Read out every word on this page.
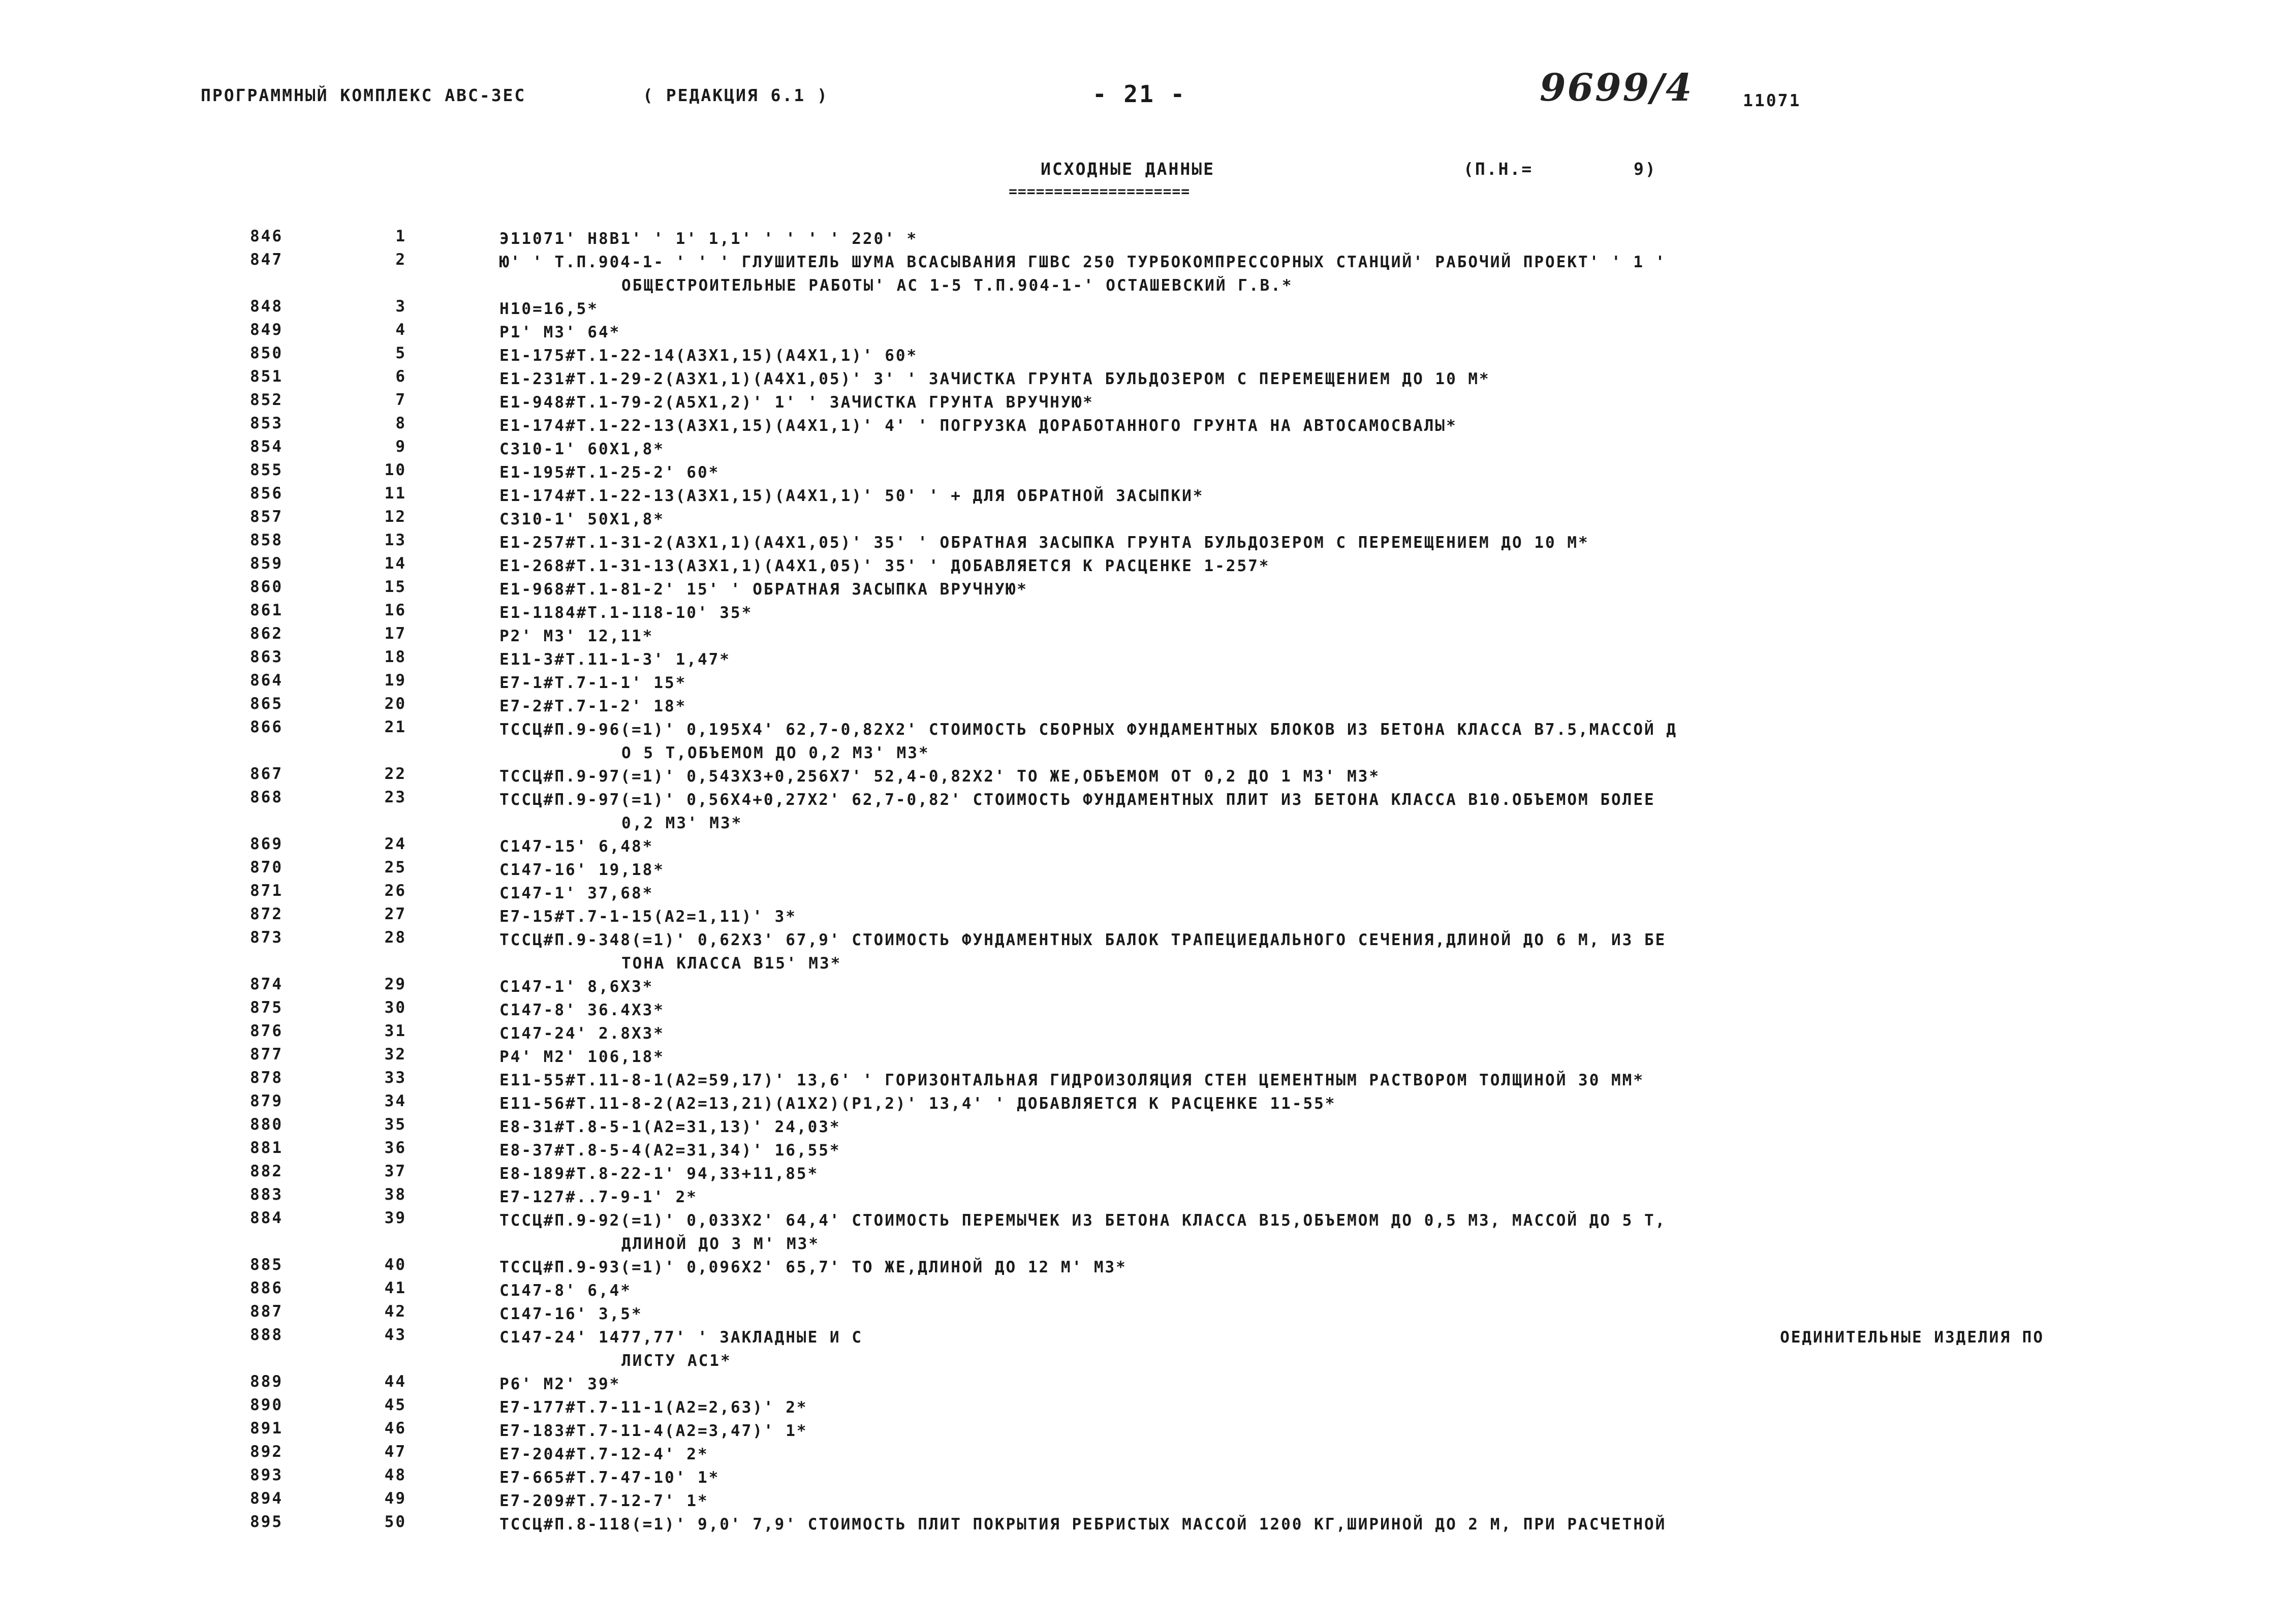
ПРОГРАММНЫЙ КОМПЛЕКС АВС-ЗЕС	( РЕДАКЦИЯ 6.1 )	- 21 -	9699/4	11071
ИСХОДНЫЕ ДАННЫЕ
====================
(П.Н.=	9)
846	1	Э11071' Н8В1' ' 1' 1,1' ' ' ' ' 220' *
847	2	Ю' ' Т.П.904-1- ' ' ' ГЛУШИТЕЛЬ ШУМА ВСАСЫВАНИЯ ГШВС 250 ТУРБОКОМПРЕССОРНЫХ СТАНЦИЙ' РАБОЧИЙ ПРОЕКТ' ' 1 '
ОБЩЕСТРОИТЕЛЬНЫЕ РАБОТЫ' АС 1-5 Т.П.904-1-' ОСТАШЕВСКИЙ Г.В.*
848	3	Н10=16,5*
849	4	Р1' М3' 64*
850	5	Е1-175#Т.1-22-14(А3Х1,15)(А4Х1,1)' 60*
851	6	Е1-231#Т.1-29-2(А3Х1,1)(А4Х1,05)' 3' ' ЗАЧИСТКА ГРУНТА БУЛЬДОЗЕРОМ С ПЕРЕМЕЩЕНИЕМ ДО 10 М*
852	7	Е1-948#Т.1-79-2(А5Х1,2)' 1' ' ЗАЧИСТКА ГРУНТА ВРУЧНУЮ*
853	8	Е1-174#Т.1-22-13(А3Х1,15)(А4Х1,1)' 4' ' ПОГРУЗКА ДОРАБОТАННОГО ГРУНТА НА АВТОСАМОСВАЛЫ*
854	9	С310-1' 60Х1,8*
855	10	Е1-195#Т.1-25-2' 60*
856	11	Е1-174#Т.1-22-13(А3Х1,15)(А4Х1,1)' 50' ' + ДЛЯ ОБРАТНОЙ ЗАСЫПКИ*
857	12	С310-1' 50Х1,8*
858	13	Е1-257#Т.1-31-2(А3Х1,1)(А4Х1,05)' 35' ' ОБРАТНАЯ ЗАСЫПКА ГРУНТА БУЛЬДОЗЕРОМ С ПЕРЕМЕЩЕНИЕМ ДО 10 М*
859	14	Е1-268#Т.1-31-13(А3Х1,1)(А4Х1,05)' 35' ' ДОБАВЛЯЕТСЯ К РАСЦЕНКЕ 1-257*
860	15	Е1-968#Т.1-81-2' 15' ' ОБРАТНАЯ ЗАСЫПКА ВРУЧНУЮ*
861	16	Е1-1184#Т.1-118-10' 35*
862	17	Р2' М3' 12,11*
863	18	Е11-3#Т.11-1-3' 1,47*
864	19	Е7-1#Т.7-1-1' 15*
865	20	Е7-2#Т.7-1-2' 18*
866	21	ТССЦ#П.9-96(=1)' 0,195Х4' 62,7-0,82Х2' СТОИМОСТЬ СБОРНЫХ ФУНДАМЕНТНЫХ БЛОКОВ ИЗ БЕТОНА КЛАССА В7.5,МАССОЙ Д
О 5 Т,ОБЪЕМОМ ДО 0,2 М3' М3*
867	22	ТССЦ#П.9-97(=1)' 0,543Х3+0,256Х7' 52,4-0,82Х2' ТО ЖЕ,ОБЪЕМОМ ОТ 0,2 ДО 1 М3' М3*
868	23	ТССЦ#П.9-97(=1)' 0,56Х4+0,27Х2' 62,7-0,82' СТОИМОСТЬ ФУНДАМЕНТНЫХ ПЛИТ ИЗ БЕТОНА КЛАССА В10.ОБЪЕМОМ БОЛЕЕ
0,2 М3' М3*
869	24	С147-15' 6,48*
870	25	С147-16' 19,18*
871	26	С147-1' 37,68*
872	27	Е7-15#Т.7-1-15(А2=1,11)' 3*
873	28	ТССЦ#П.9-348(=1)' 0,62Х3' 67,9' СТОИМОСТЬ ФУНДАМЕНТНЫХ БАЛОК ТРАПЕЦИЕДАЛЬНОГО СЕЧЕНИЯ,ДЛИНОЙ ДО 6 М, ИЗ БЕ
ТОНА КЛАССА В15' М3*
874	29	С147-1' 8,6Х3*
875	30	С147-8' 36.4Х3*
876	31	С147-24' 2.8Х3*
877	32	Р4' М2' 106,18*
878	33	Е11-55#Т.11-8-1(А2=59,17)' 13,6' ' ГОРИЗОНТАЛЬНАЯ ГИДРОИЗОЛЯЦИЯ СТЕН ЦЕМЕНТНЫМ РАСТВОРОМ ТОЛЩИНОЙ 30 ММ*
879	34	Е11-56#Т.11-8-2(А2=13,21)(А1Х2)(Р1,2)' 13,4' ' ДОБАВЛЯЕТСЯ К РАСЦЕНКЕ 11-55*
880	35	Е8-31#Т.8-5-1(А2=31,13)' 24,03*
881	36	Е8-37#Т.8-5-4(А2=31,34)' 16,55*
882	37	Е8-189#Т.8-22-1' 94,33+11,85*
883	38	Е7-127#..7-9-1' 2*
884	39	ТССЦ#П.9-92(=1)' 0,033Х2' 64,4' СТОИМОСТЬ ПЕРЕМЫЧЕК ИЗ БЕТОНА КЛАССА В15,ОБЪЕМОМ ДО 0,5 М3, МАССОЙ ДО 5 Т,
ДЛИНОЙ ДО 3 М' М3*
885	40	ТССЦ#П.9-93(=1)' 0,096Х2' 65,7' ТО ЖЕ,ДЛИНОЙ ДО 12 М' М3*
886	41	С147-8' 6,4*
887	42	С147-16' 3,5*
888	43	С147-24' 1477,77' ' ЗАКЛАДНЫЕ И С	ОЕДИНИТЕЛЬНЫЕ ИЗДЕЛИЯ ПО
ЛИСТУ АС1*
889	44	Р6' М2' 39*
890	45	Е7-177#Т.7-11-1(А2=2,63)' 2*
891	46	Е7-183#Т.7-11-4(А2=3,47)' 1*
892	47	Е7-204#Т.7-12-4' 2*
893	48	Е7-665#Т.7-47-10' 1*
894	49	Е7-209#Т.7-12-7' 1*
895	50	ТССЦ#П.8-118(=1)' 9,0' 7,9' СТОИМОСТЬ ПЛИТ ПОКРЫТИЯ РЕБРИСТЫХ МАССОЙ 1200 КГ,ШИРИНОЙ ДО 2 М, ПРИ РАСЧЕТНОЙ
